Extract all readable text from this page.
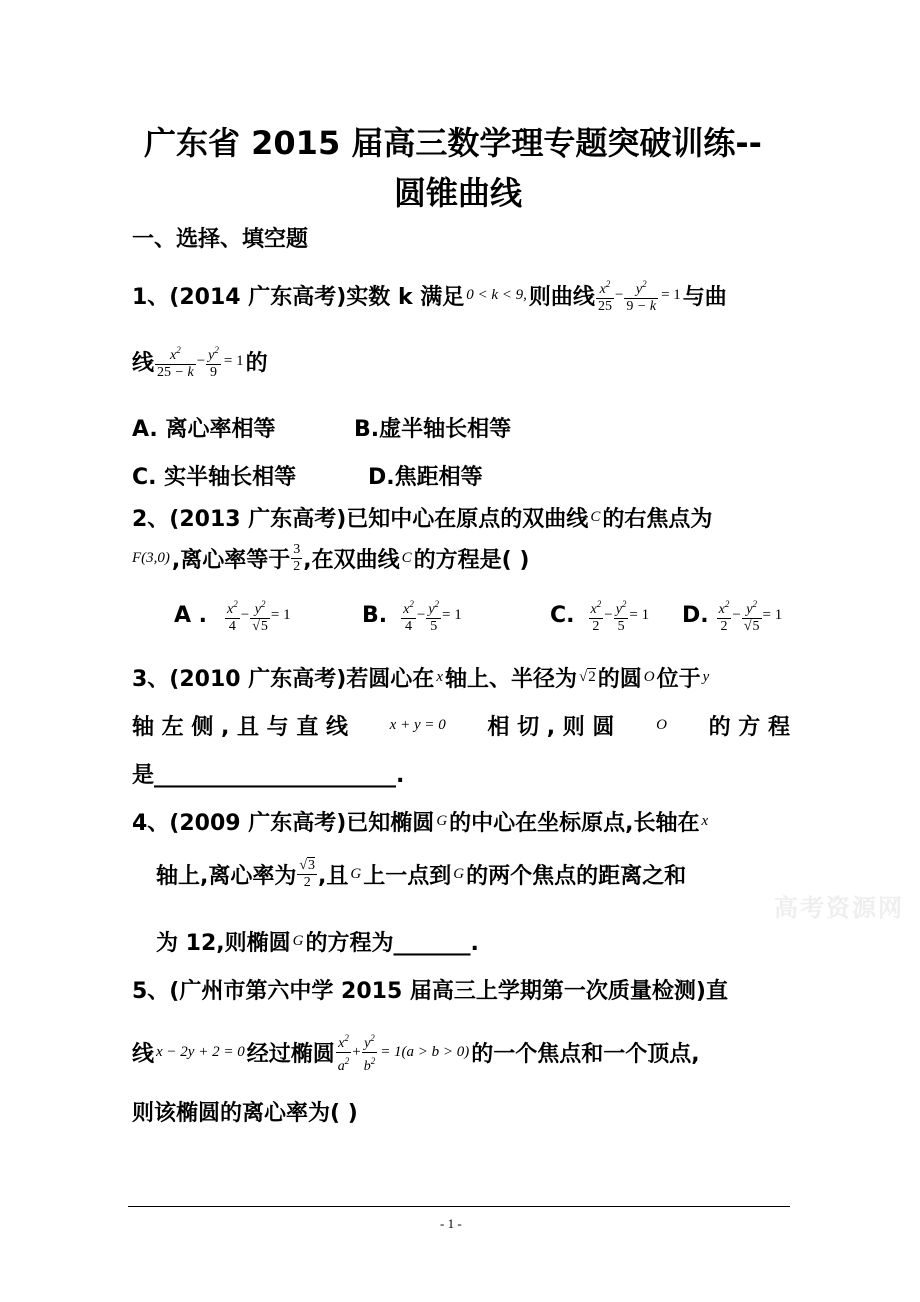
广东省 2015 届高三数学理专题突破训练--
圆锥曲线
一、选择、填空题
1、(2014 广东高考)实数 k 满足 0 < k < 9, 则曲线 $\frac{x^2}{25} - \frac{y^2}{9 - k} = 1$ 与曲
线 $\frac{x^2}{25 - k} - \frac{y^2}{9} = 1$ 的
A. 离心率相等	B.虚半轴长相等
C. 实半轴长相等	D.焦距相等
2、(2013 广东高考)已知中心在原点的双曲线 C 的右焦点为
F(3,0) ,离心率等于 $\frac{3}{2}$ ,在双曲线 C 的方程是( )
A . $\frac{x^2}{4} - \frac{y^2}{√5} = 1$	B. $\frac{x^2}{4} - \frac{y^2}{5} = 1$	C. $\frac{x^2}{2} - \frac{y^2}{5} = 1$ D. $\frac{x^2}{2} - \frac{y^2}{√5} = 1$
3、(2010 广东高考)若圆心在 x 轴上、半径为 √2 的圆 O 位于 y
轴 左 侧 , 且 与 直 线	x + y = 0 相 切 , 则 圆	O 的 方 程
是______________________.
4、(2009 广东高考)已知椭圆 G 的中心在坐标原点,长轴在 x
轴上,离心率为 $\frac{√3}{2}$ ,且 G 上一点到 G 的两个焦点的距离之和
为 12,则椭圆 G 的方程为_______.
高考资源网
5、(广州市第六中学 2015 届高三上学期第一次质量检测)直
线 x − 2y + 2 = 0 经过椭圆 $\frac{x^2}{a^2} + \frac{y^2}{b^2} = 1(a > b > 0)$ 的一个焦点和一个顶点,
则该椭圆的离心率为( )
- 1 -
